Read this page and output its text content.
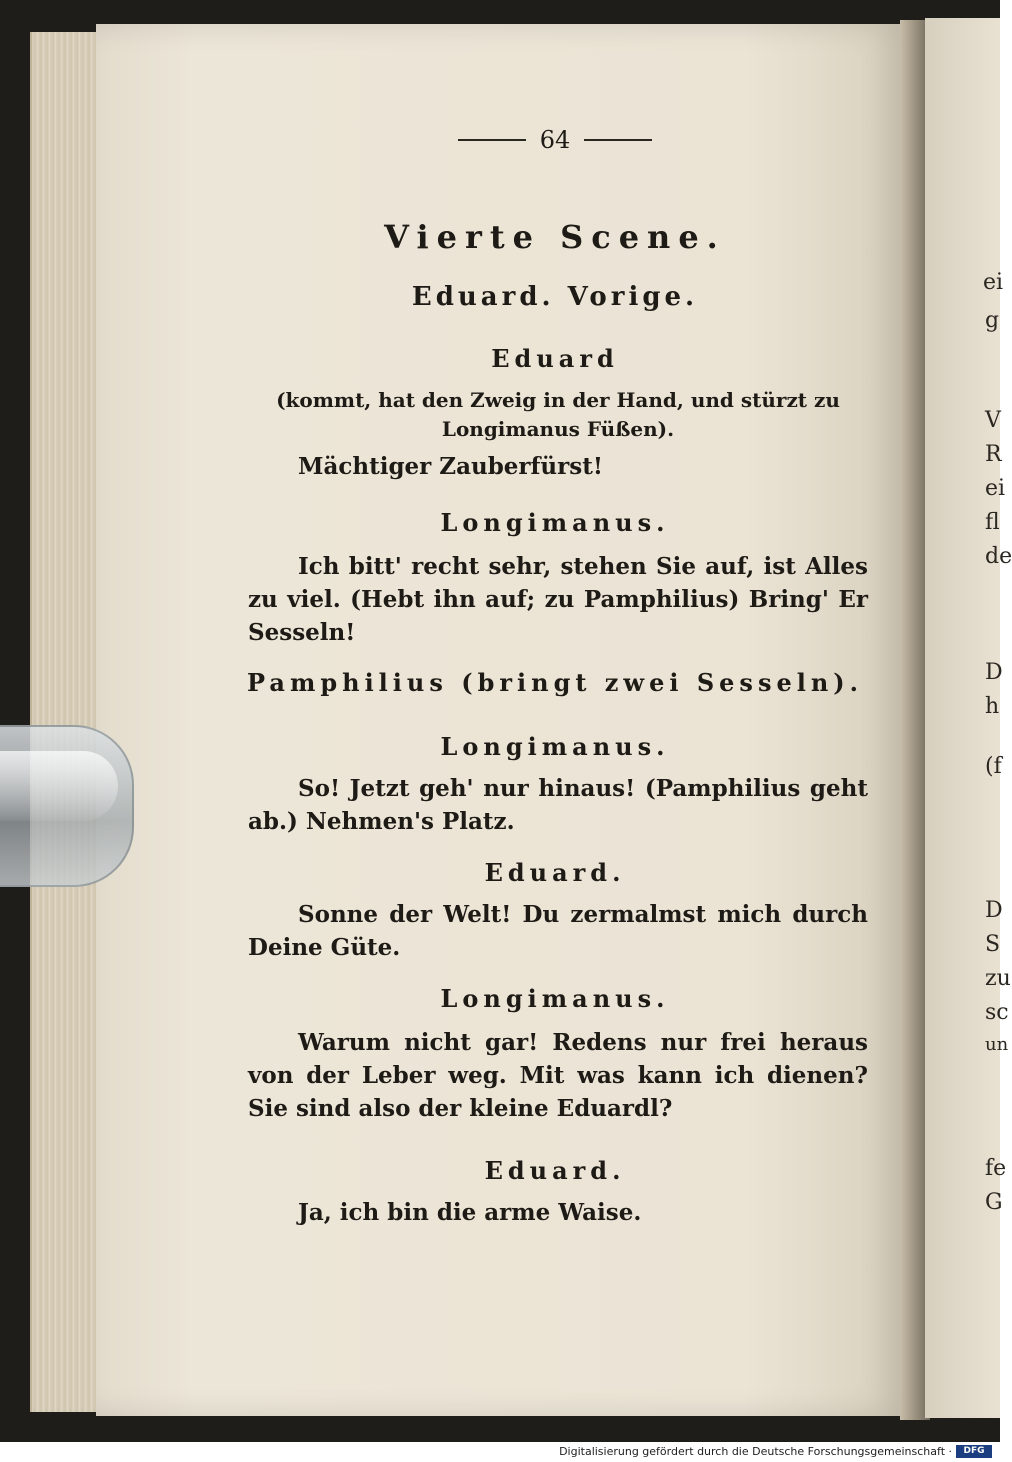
ei
g
V
R
ei
fl
de
D
h
(f
D
S
zu
sc
un
fe
G
64
Vierte Scene.
Eduard. Vorige.
Eduard
(kommt, hat den Zweig in der Hand, und stürzt zu Longimanus Füßen).
Mächtiger Zauberfürst!
Longimanus.
Ich bitt' recht sehr, stehen Sie auf, ist Alles zu viel. (Hebt ihn auf; zu Pamphilius) Bring' Er Sesseln!
Pamphilius (bringt zwei Sesseln).
Longimanus.
So! Jetzt geh' nur hinaus! (Pamphilius geht ab.) Nehmen's Platz.
Eduard.
Sonne der Welt! Du zermalmst mich durch Deine Güte.
Longimanus.
Warum nicht gar! Redens nur frei heraus von der Leber weg. Mit was kann ich dienen? Sie sind also der kleine Eduardl?
Eduard.
Ja, ich bin die arme Waise.
Digitalisierung gefördert durch die Deutsche Forschungsgemeinschaft ·	DFG
